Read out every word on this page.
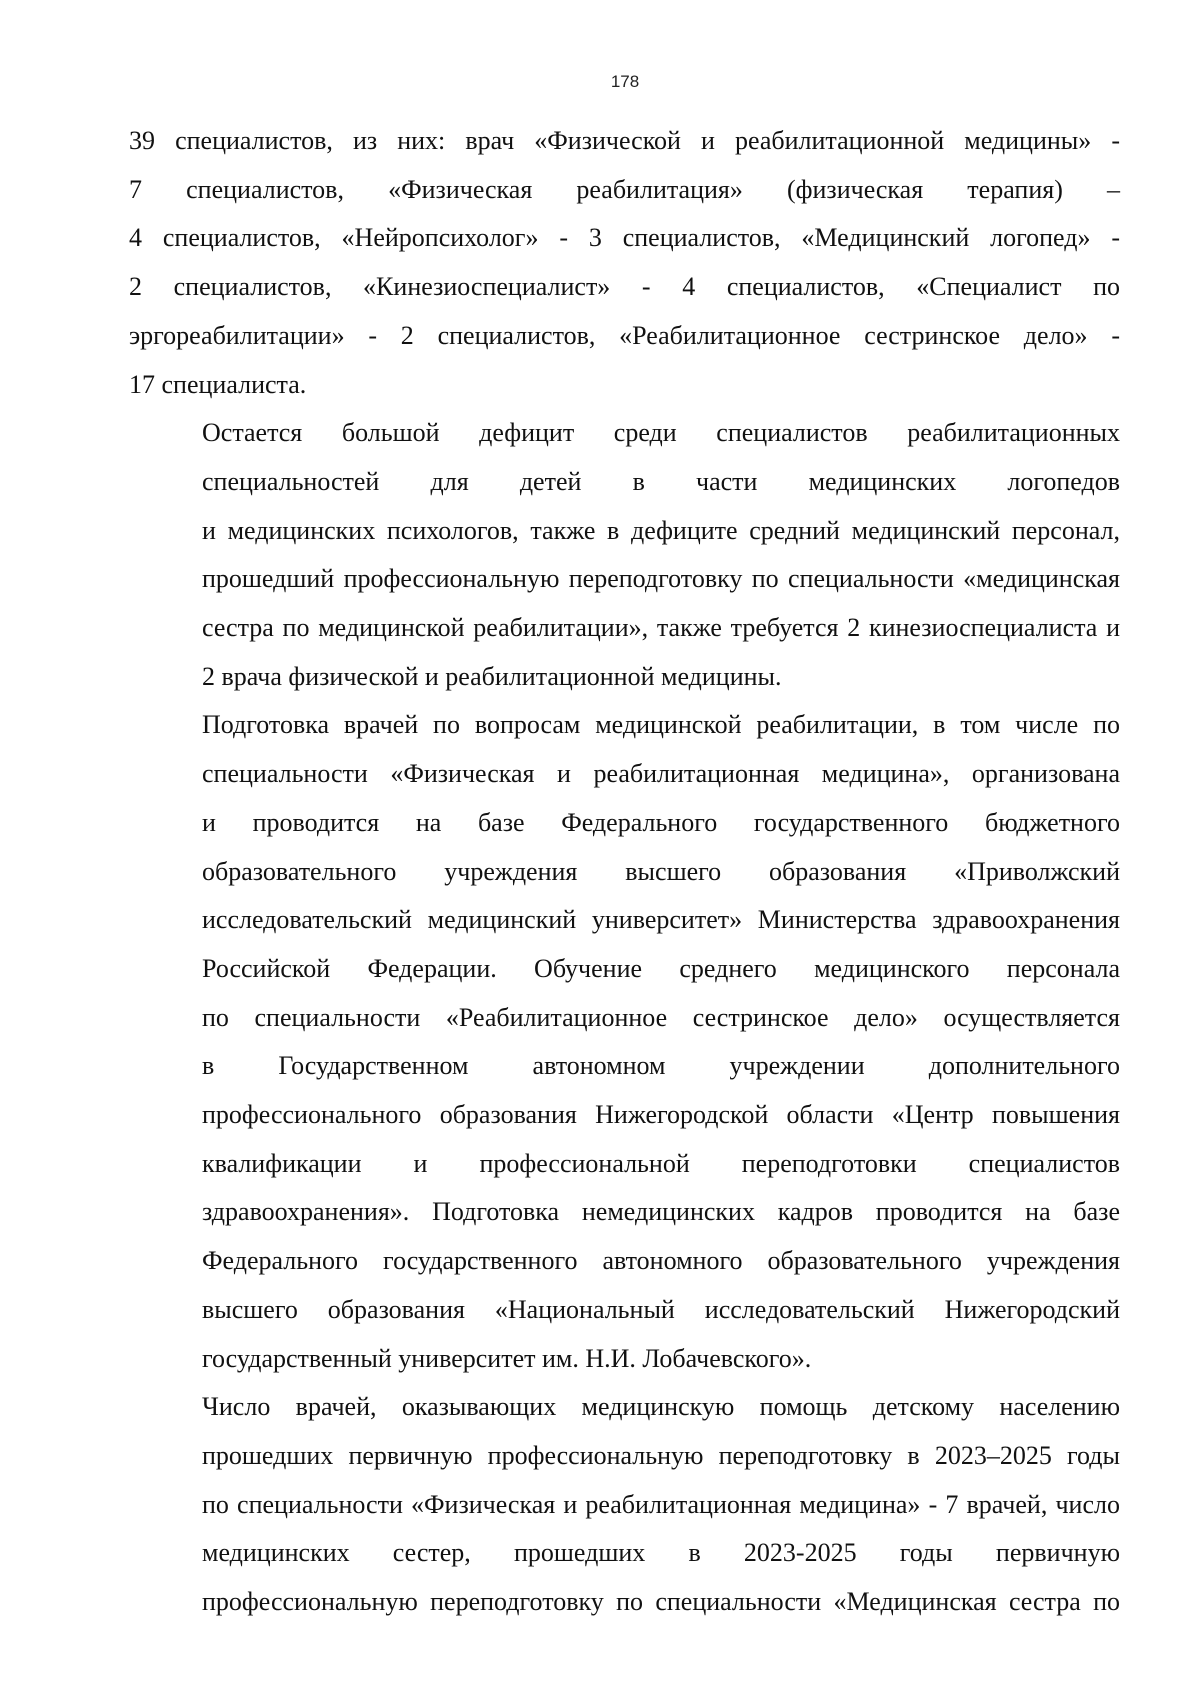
178
39 специалистов, из них: врач «Физической и реабилитационной медицины» -
7 специалистов, «Физическая реабилитация» (физическая терапия) –
4 специалистов, «Нейропсихолог» - 3 специалистов, «Медицинский логопед» -
2 специалистов, «Кинезиоспециалист» - 4 специалистов, «Специалист по
эргореабилитации» - 2 специалистов, «Реабилитационное сестринское дело» -
17 специалиста.
Остается большой дефицит среди специалистов реабилитационных
специальностей для детей в части медицинских логопедов
и медицинских психологов, также в дефиците средний медицинский персонал,
прошедший профессиональную переподготовку по специальности «медицинская
сестра по медицинской реабилитации», также требуется 2 кинезиоспециалиста и
2 врача физической и реабилитационной медицины.
Подготовка врачей по вопросам медицинской реабилитации, в том числе по
специальности «Физическая и реабилитационная медицина», организована
и проводится на базе Федерального государственного бюджетного
образовательного учреждения высшего образования «Приволжский
исследовательский медицинский университет» Министерства здравоохранения
Российской Федерации. Обучение среднего медицинского персонала
по специальности «Реабилитационное сестринское дело» осуществляется
в Государственном автономном учреждении дополнительного
профессионального образования Нижегородской области «Центр повышения
квалификации и профессиональной переподготовки специалистов
здравоохранения». Подготовка немедицинских кадров проводится на базе
Федерального государственного автономного образовательного учреждения
высшего образования «Национальный исследовательский Нижегородский
государственный университет им. Н.И. Лобачевского».
Число врачей, оказывающих медицинскую помощь детскому населению
прошедших первичную профессиональную переподготовку в 2023–2025 годы
по специальности «Физическая и реабилитационная медицина» - 7 врачей, число
медицинских сестер, прошедших в 2023-2025 годы первичную
профессиональную переподготовку по специальности «Медицинская сестра по
